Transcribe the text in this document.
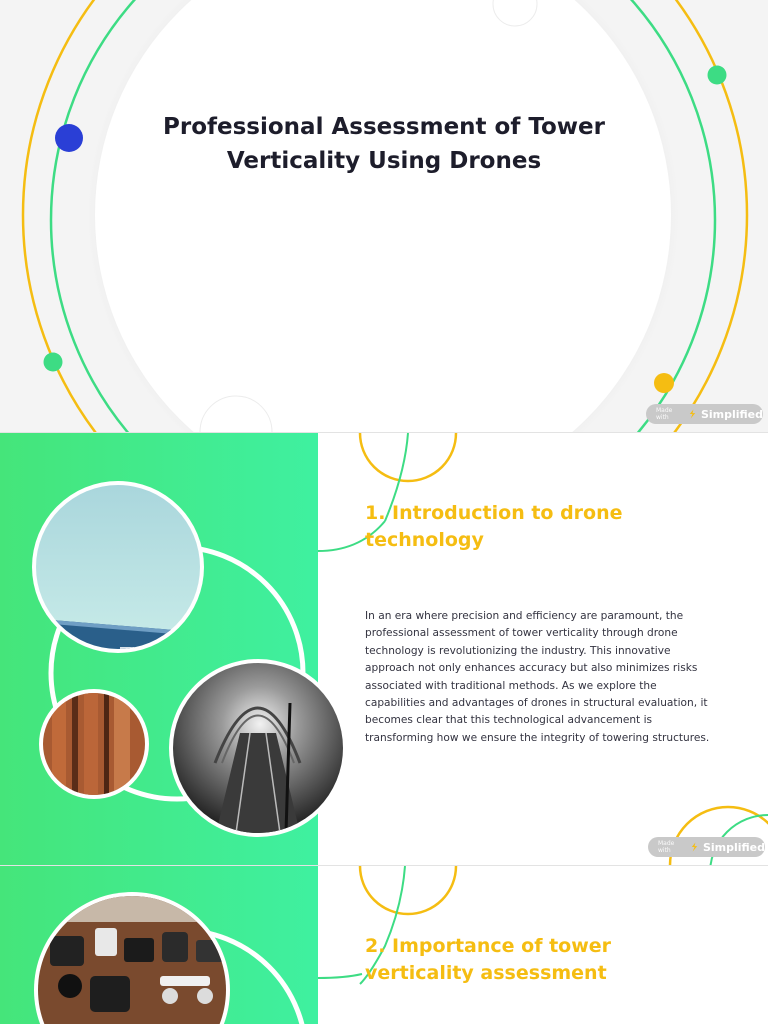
Professional Assessment of Tower Verticality Using Drones
Made with	Simplified
1. Introduction to drone technology

In an era where precision and efficiency are paramount, the professional assessment of tower verticality through drone technology is revolutionizing the industry. This innovative approach not only enhances accuracy but also minimizes risks associated with traditional methods. As we explore the capabilities and advantages of drones in structural evaluation, it becomes clear that this technological advancement is transforming how we ensure the integrity of towering structures.

Made with	Simplified
2. Importance of tower verticality assessment
